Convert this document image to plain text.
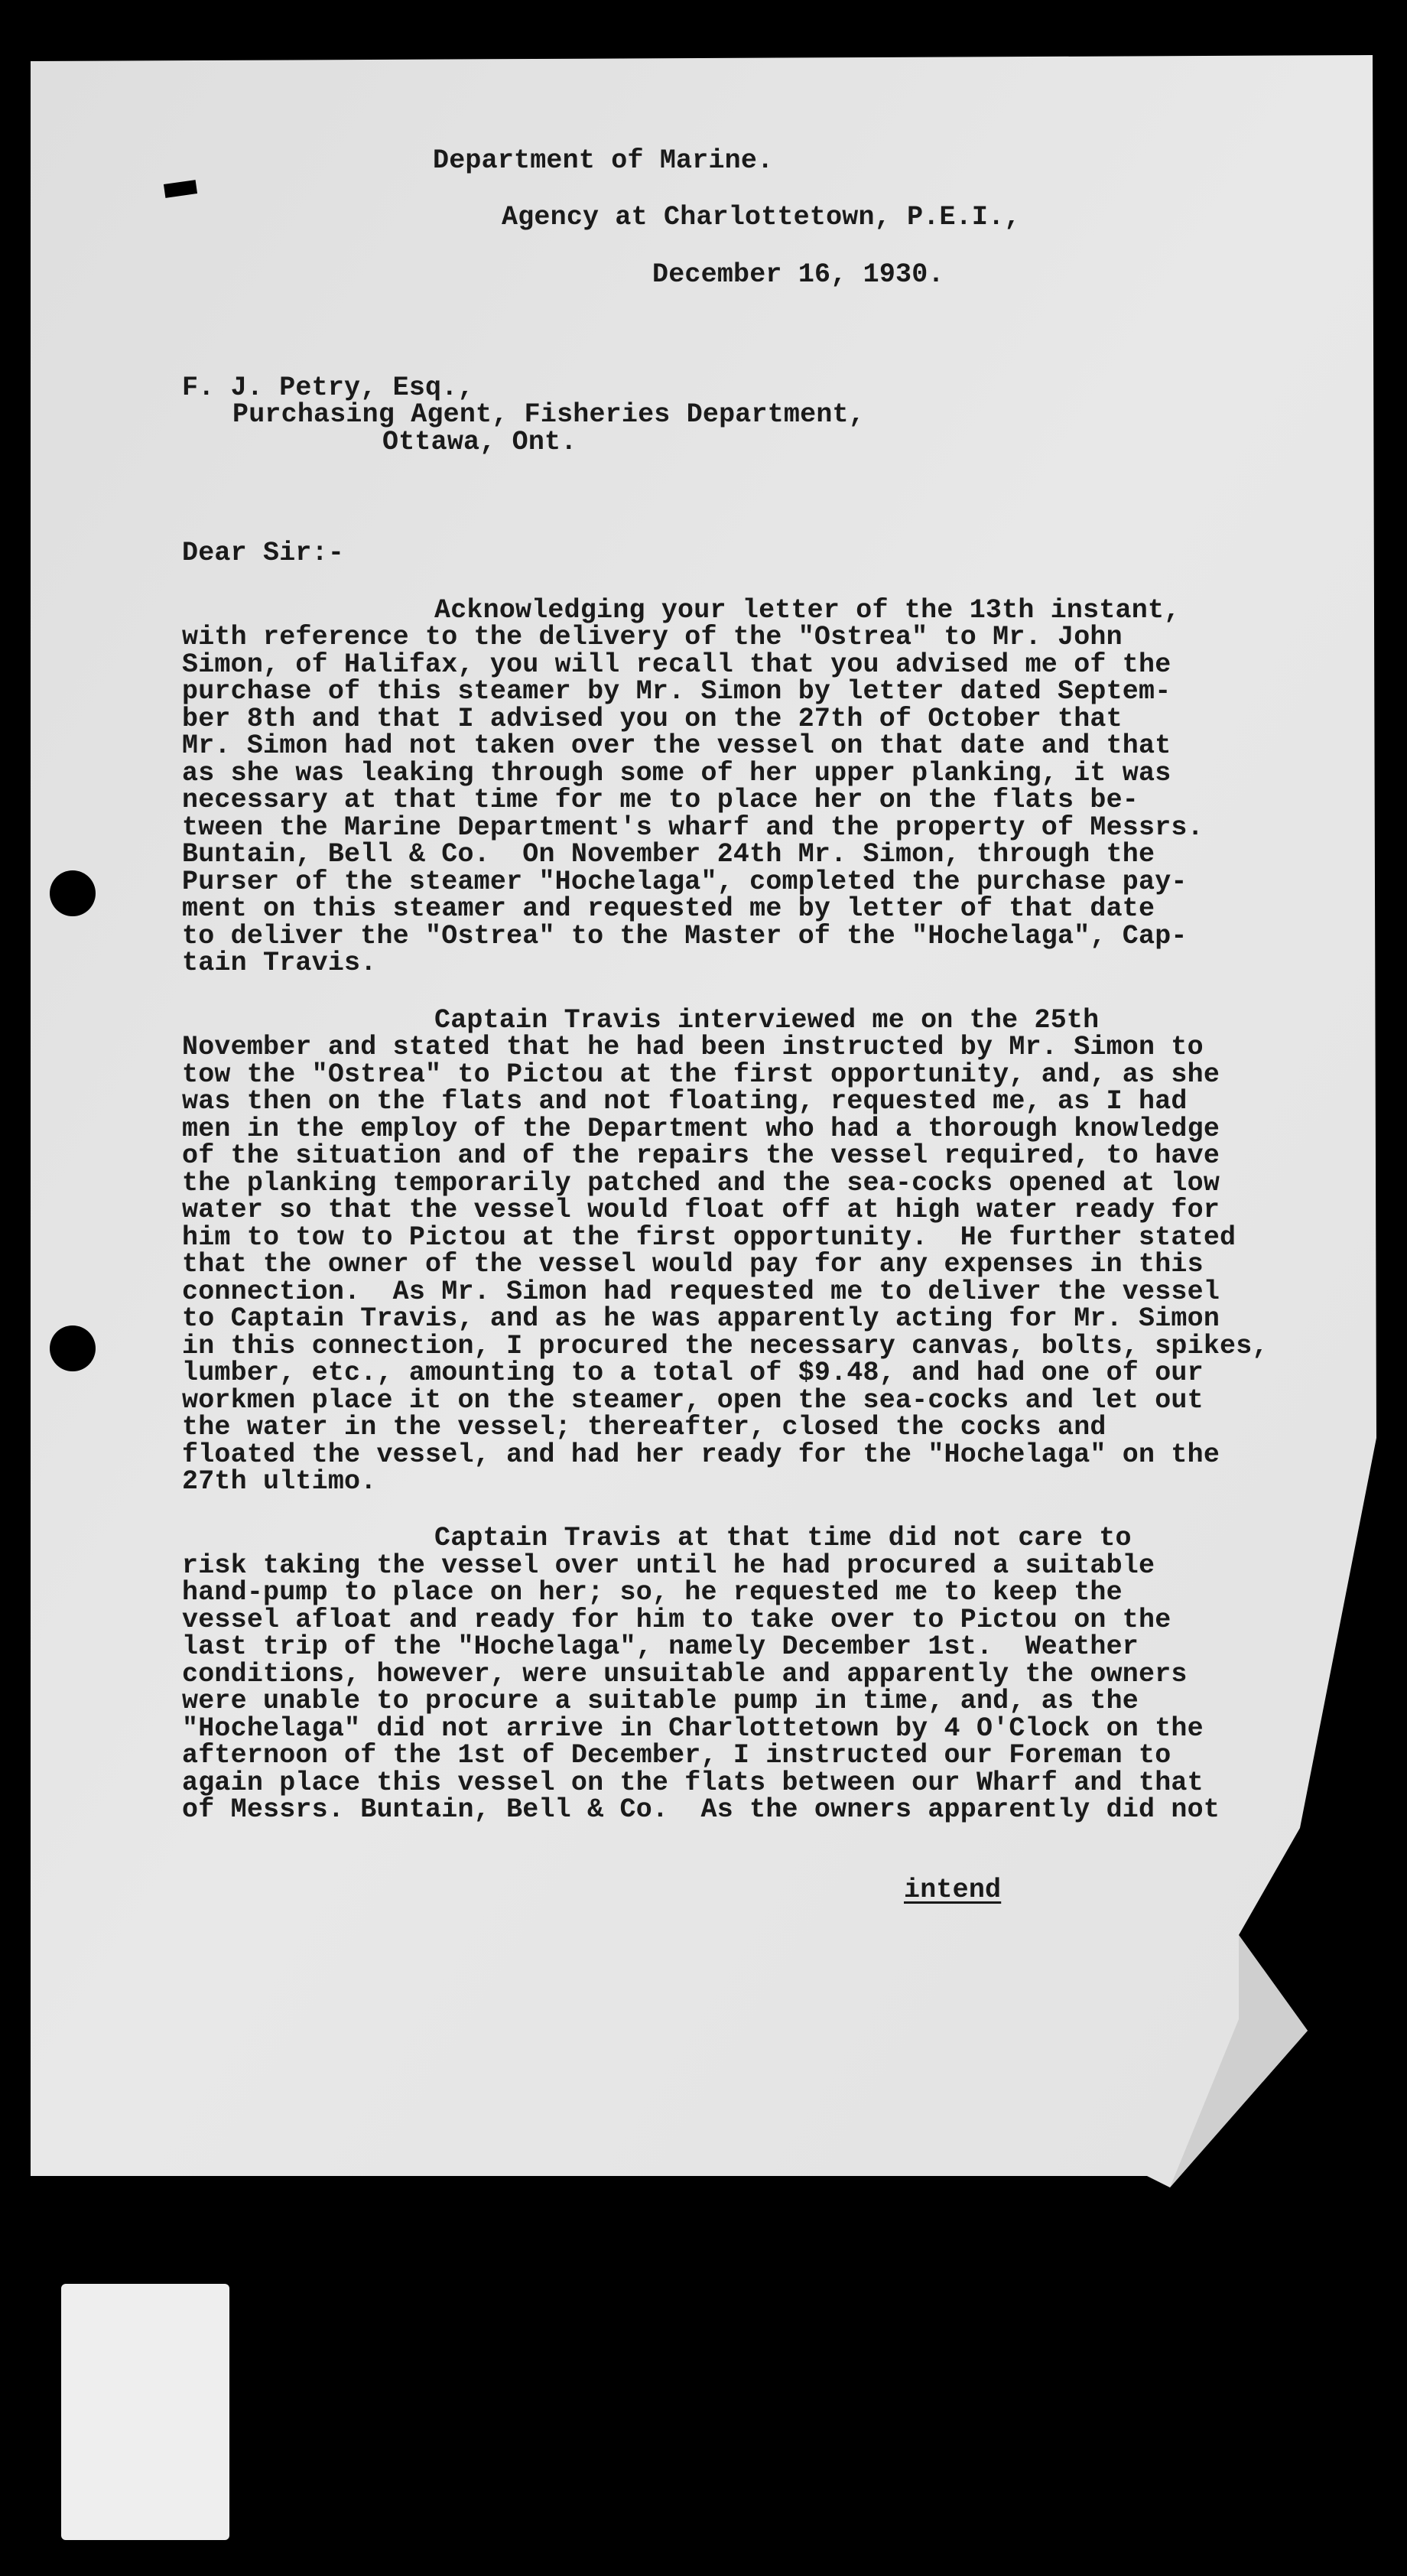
Department of Marine.
Agency at Charlottetown, P.E.I.,
December 16, 1930.
F. J. Petry, Esq.,
Purchasing Agent, Fisheries Department,
Ottawa, Ont.
Dear Sir:-
Acknowledging your letter of the 13th instant,
with reference to the delivery of the "Ostrea" to Mr. John
Simon, of Halifax, you will recall that you advised me of the
purchase of this steamer by Mr. Simon by letter dated Septem-
ber 8th and that I advised you on the 27th of October that
Mr. Simon had not taken over the vessel on that date and that
as she was leaking through some of her upper planking, it was
necessary at that time for me to place her on the flats be-
tween the Marine Department's wharf and the property of Messrs.
Buntain, Bell & Co.  On November 24th Mr. Simon, through the
Purser of the steamer "Hochelaga", completed the purchase pay-
ment on this steamer and requested me by letter of that date
to deliver the "Ostrea" to the Master of the "Hochelaga", Cap-
tain Travis.
Captain Travis interviewed me on the 25th
November and stated that he had been instructed by Mr. Simon to
tow the "Ostrea" to Pictou at the first opportunity, and, as she
was then on the flats and not floating, requested me, as I had
men in the employ of the Department who had a thorough knowledge
of the situation and of the repairs the vessel required, to have
the planking temporarily patched and the sea-cocks opened at low
water so that the vessel would float off at high water ready for
him to tow to Pictou at the first opportunity.  He further stated
that the owner of the vessel would pay for any expenses in this
connection.  As Mr. Simon had requested me to deliver the vessel
to Captain Travis, and as he was apparently acting for Mr. Simon
in this connection, I procured the necessary canvas, bolts, spikes,
lumber, etc., amounting to a total of $9.48, and had one of our
workmen place it on the steamer, open the sea-cocks and let out
the water in the vessel; thereafter, closed the cocks and
floated the vessel, and had her ready for the "Hochelaga" on the
27th ultimo.
Captain Travis at that time did not care to
risk taking the vessel over until he had procured a suitable
hand-pump to place on her; so, he requested me to keep the
vessel afloat and ready for him to take over to Pictou on the
last trip of the "Hochelaga", namely December 1st.  Weather
conditions, however, were unsuitable and apparently the owners
were unable to procure a suitable pump in time, and, as the
"Hochelaga" did not arrive in Charlottetown by 4 O'Clock on the
afternoon of the 1st of December, I instructed our Foreman to
again place this vessel on the flats between our Wharf and that
of Messrs. Buntain, Bell & Co.  As the owners apparently did not
intend
